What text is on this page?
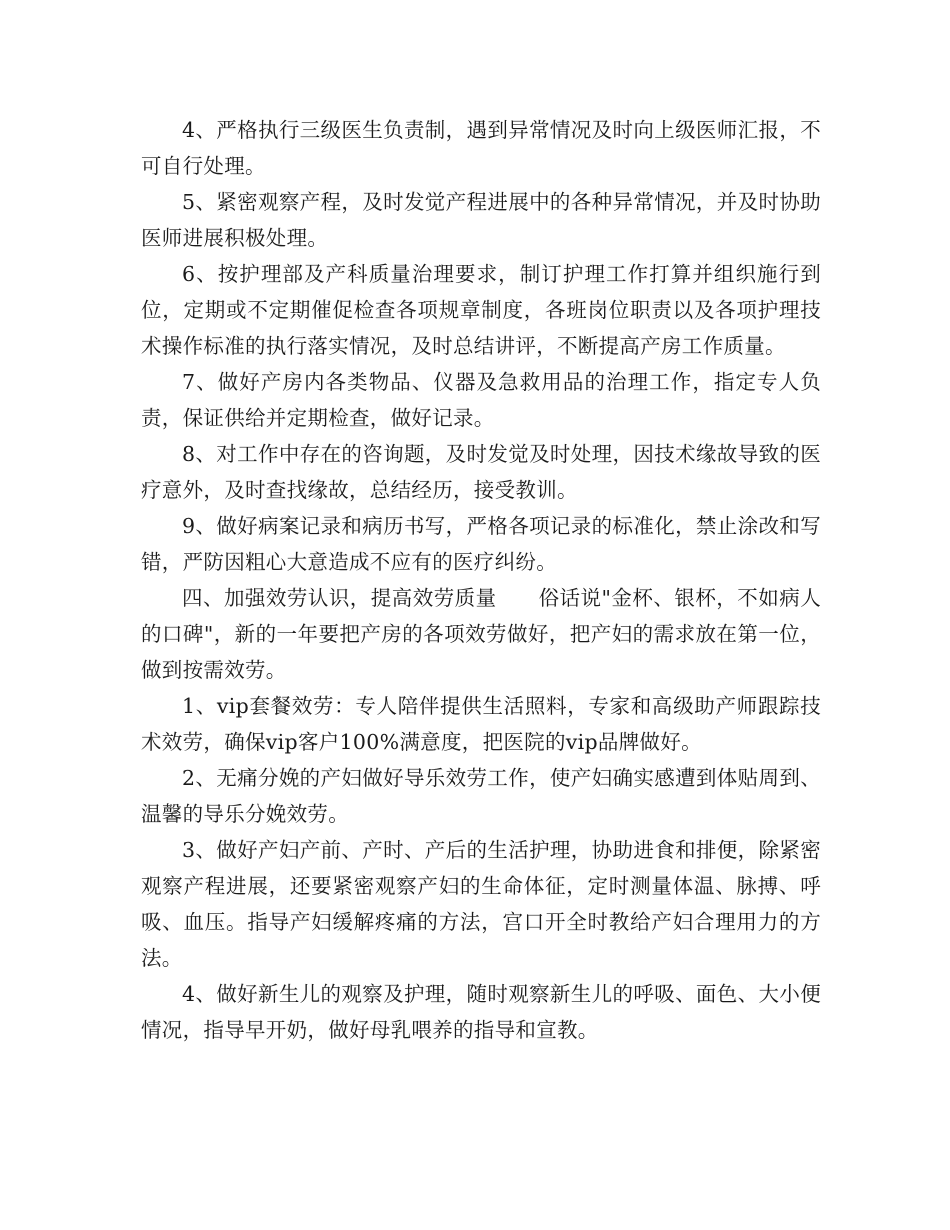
4、严格执行三级医生负责制，遇到异常情况及时向上级医师汇报，不可自行处理。

5、紧密观察产程，及时发觉产程进展中的各种异常情况，并及时协助医师进展积极处理。

6、按护理部及产科质量治理要求，制订护理工作打算并组织施行到位，定期或不定期催促检查各项规章制度，各班岗位职责以及各项护理技术操作标准的执行落实情况，及时总结讲评，不断提高产房工作质量。

7、做好产房内各类物品、仪器及急救用品的治理工作，指定专人负责，保证供给并定期检查，做好记录。

8、对工作中存在的咨询题，及时发觉及时处理，因技术缘故导致的医疗意外，及时查找缘故，总结经历，接受教训。

9、做好病案记录和病历书写，严格各项记录的标准化，禁止涂改和写错，严防因粗心大意造成不应有的医疗纠纷。

四、加强效劳认识，提高效劳质量　　俗话说"金杯、银杯，不如病人的口碑"，新的一年要把产房的各项效劳做好，把产妇的需求放在第一位，做到按需效劳。

1、vip套餐效劳：专人陪伴提供生活照料，专家和高级助产师跟踪技术效劳，确保vip客户100%满意度，把医院的vip品牌做好。

2、无痛分娩的产妇做好导乐效劳工作，使产妇确实感遭到体贴周到、温馨的导乐分娩效劳。

3、做好产妇产前、产时、产后的生活护理，协助进食和排便，除紧密观察产程进展，还要紧密观察产妇的生命体征，定时测量体温、脉搏、呼吸、血压。指导产妇缓解疼痛的方法，宫口开全时教给产妇合理用力的方法。

4、做好新生儿的观察及护理，随时观察新生儿的呼吸、面色、大小便情况，指导早开奶，做好母乳喂养的指导和宣教。
